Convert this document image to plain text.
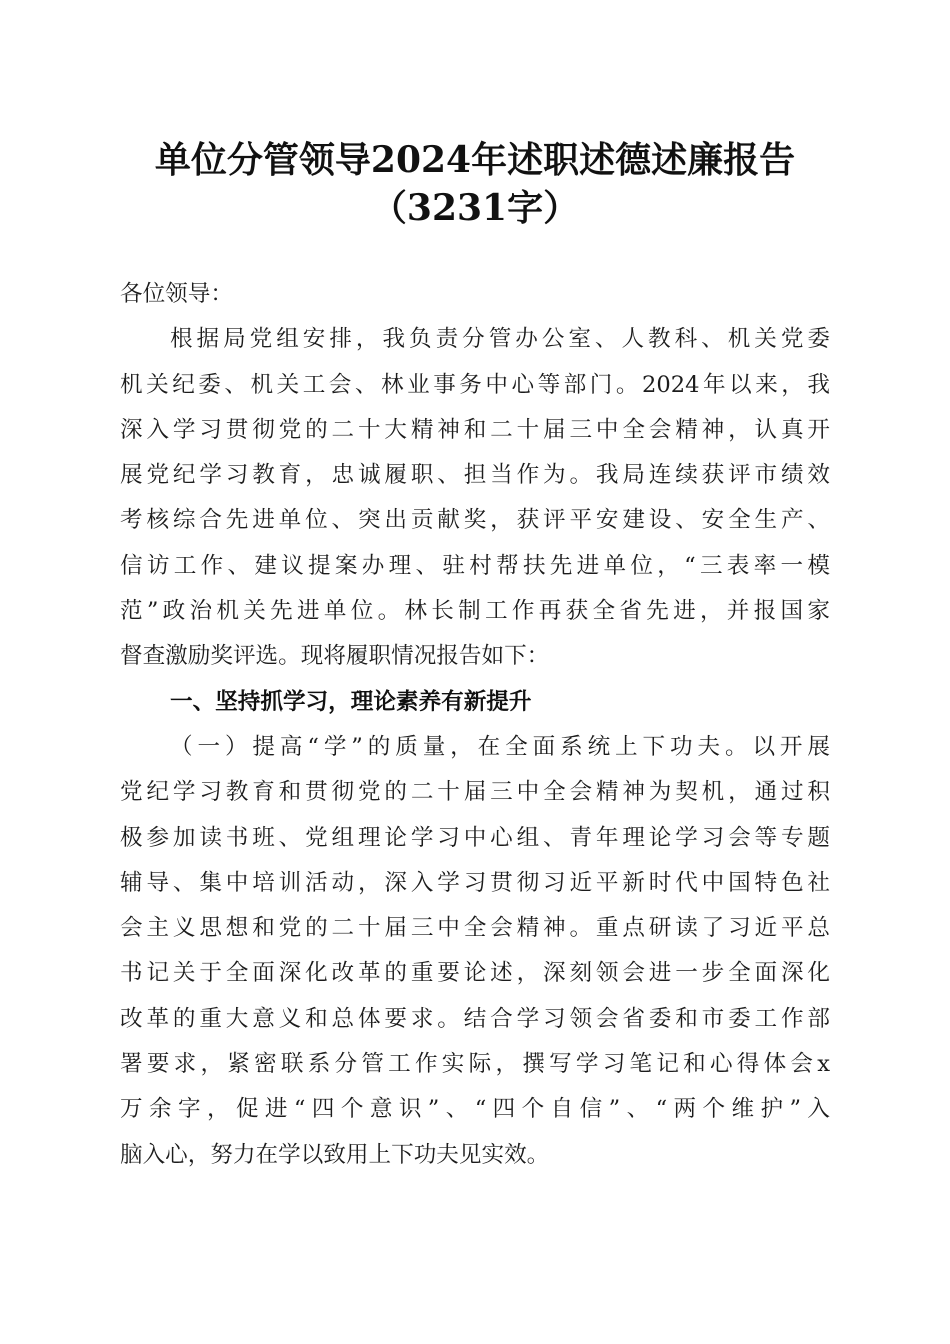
单位分管领导2024年述职述德述廉报告
（3231字）
各位领导：
根据局党组安排，我负责分管办公室、人教科、机关党委
机关纪委、机关工会、林业事务中心等部门。2024年以来，我
深入学习贯彻党的二十大精神和二十届三中全会精神，认真开
展党纪学习教育，忠诚履职、担当作为。我局连续获评市绩效
考核综合先进单位、突出贡献奖，获评平安建设、安全生产、
信访工作、建议提案办理、驻村帮扶先进单位，“三表率一模
范”政治机关先进单位。林长制工作再获全省先进，并报国家
督查激励奖评选。现将履职情况报告如下：
一、坚持抓学习，理论素养有新提升
（一）提高“学”的质量，在全面系统上下功夫。以开展
党纪学习教育和贯彻党的二十届三中全会精神为契机，通过积
极参加读书班、党组理论学习中心组、青年理论学习会等专题
辅导、集中培训活动，深入学习贯彻习近平新时代中国特色社
会主义思想和党的二十届三中全会精神。重点研读了习近平总
书记关于全面深化改革的重要论述，深刻领会进一步全面深化
改革的重大意义和总体要求。结合学习领会省委和市委工作部
署要求，紧密联系分管工作实际，撰写学习笔记和心得体会x
万余字，促进“四个意识”、“四个自信”、“两个维护”入
脑入心，努力在学以致用上下功夫见实效。
